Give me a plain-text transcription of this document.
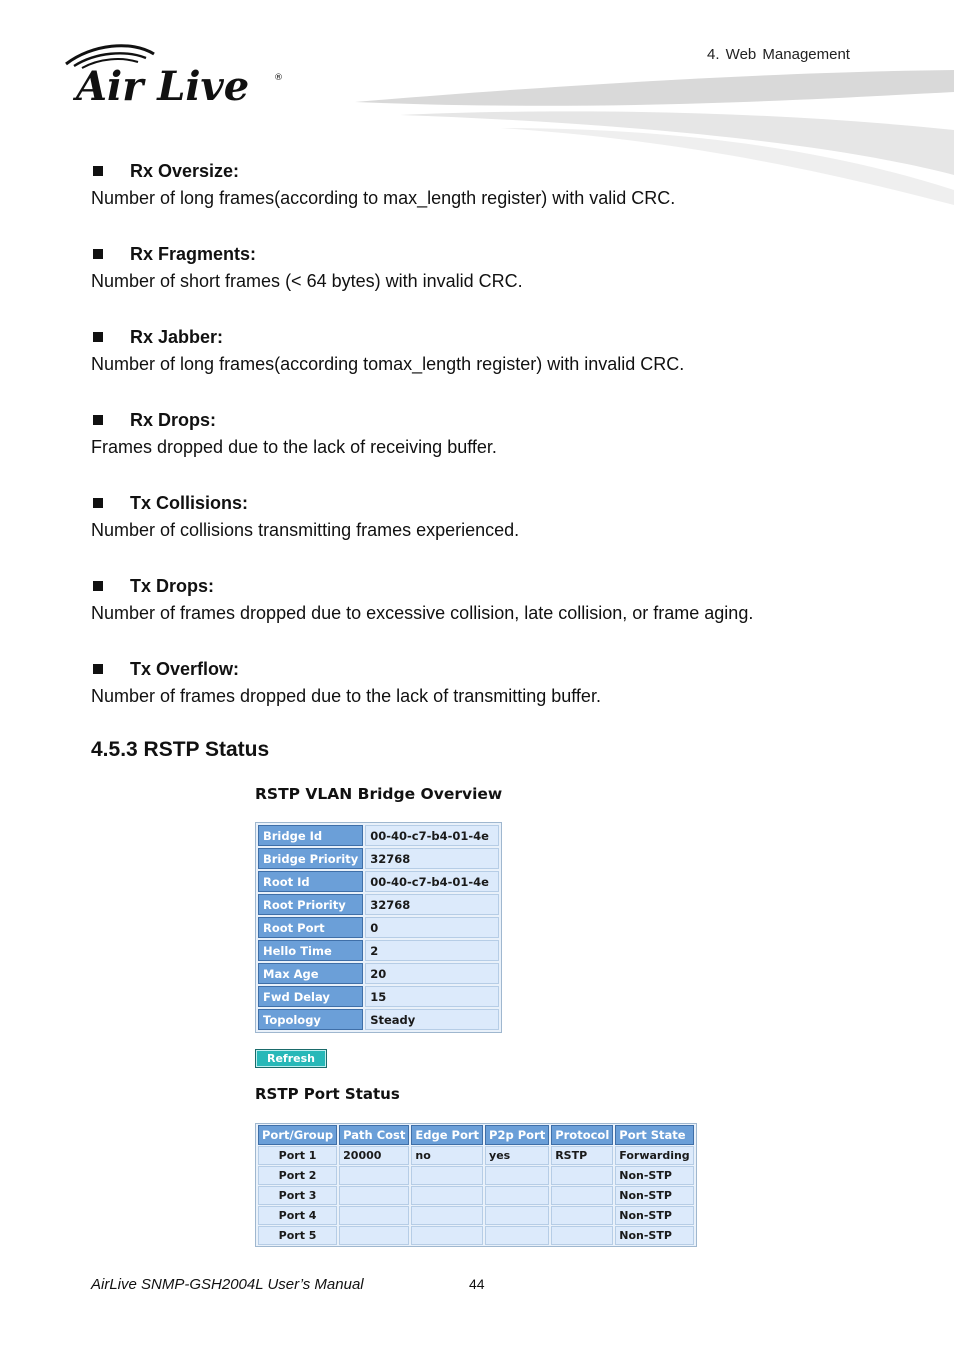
Air Live	®
4. Web Management
Rx Oversize:
Number of long frames(according to max_length register) with valid CRC.
Rx Fragments:
Number of short frames (< 64 bytes) with invalid CRC.
Rx Jabber:
Number of long frames(according tomax_length register) with invalid CRC.
Rx Drops:
Frames dropped due to the lack of receiving buffer.
Tx Collisions:
Number of collisions transmitting frames experienced.
Tx Drops:
Number of frames dropped due to excessive collision, late collision, or frame aging.
Tx Overflow:
Number of frames dropped due to the lack of transmitting buffer.
4.5.3 RSTP Status
RSTP VLAN Bridge Overview
Bridge Id	00-40-c7-b4-01-4e
Bridge Priority	32768
Root Id	00-40-c7-b4-01-4e
Root Priority	32768
Root Port	0
Hello Time	2
Max Age	20
Fwd Delay	15
Topology	Steady
Refresh
RSTP Port Status
Port/Group	Path Cost	Edge Port	P2p Port	Protocol	Port State
Port 1	20000	no	yes	RSTP	Forwarding
Port 2					Non-STP
Port 3					Non-STP
Port 4					Non-STP
Port 5					Non-STP
AirLive SNMP-GSH2004L User’s Manual	44
